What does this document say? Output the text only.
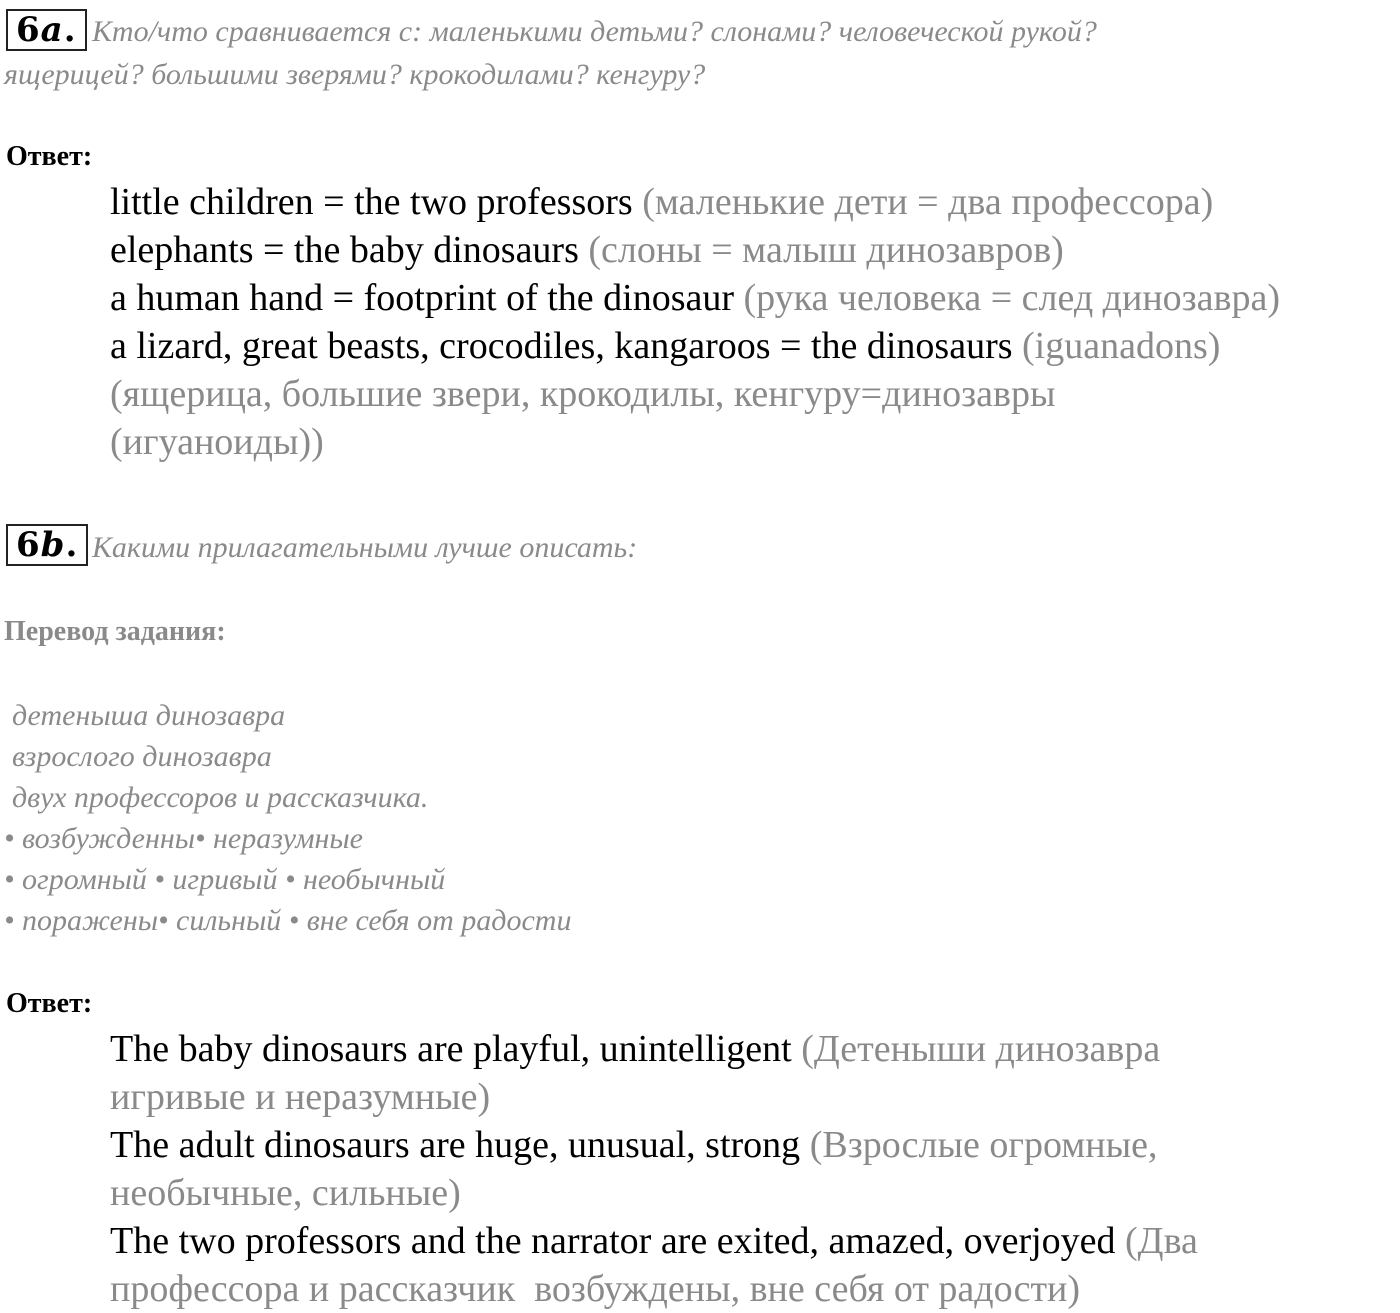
6a. Кто/что сравнивается с: маленькими детьми? слонами? человеческой рукой?
ящерицей? большими зверями? крокодилами? кенгуру?
Ответ:
little children = the two professors (маленькие дети = два профессора)
elephants = the baby dinosaurs (слоны = малыш динозавров)
a human hand = footprint of the dinosaur (рука человека = след динозавра)
a lizard, great beasts, crocodiles, kangaroos = the dinosaurs (iguanadons)
(ящерица, большие звери, крокодилы, кенгуру=динозавры
(игуаноиды))
6b. Какими прилагательными лучше описать:
Перевод задания:
детеныша динозавра
взрослого динозавра
двух профессоров и рассказчика.
• возбужденны• неразумные
• огромный • игривый • необычный
• поражены• сильный • вне себя от радости
Ответ:
The baby dinosaurs are playful, unintelligent (Детеныши динозавра
игривые и неразумные)
The adult dinosaurs are huge, unusual, strong (Взрослые огромные,
необычные, сильные)
The two professors and the narrator are exited, amazed, overjoyed (Два
профессора и рассказчик  возбуждены, вне себя от радости)
